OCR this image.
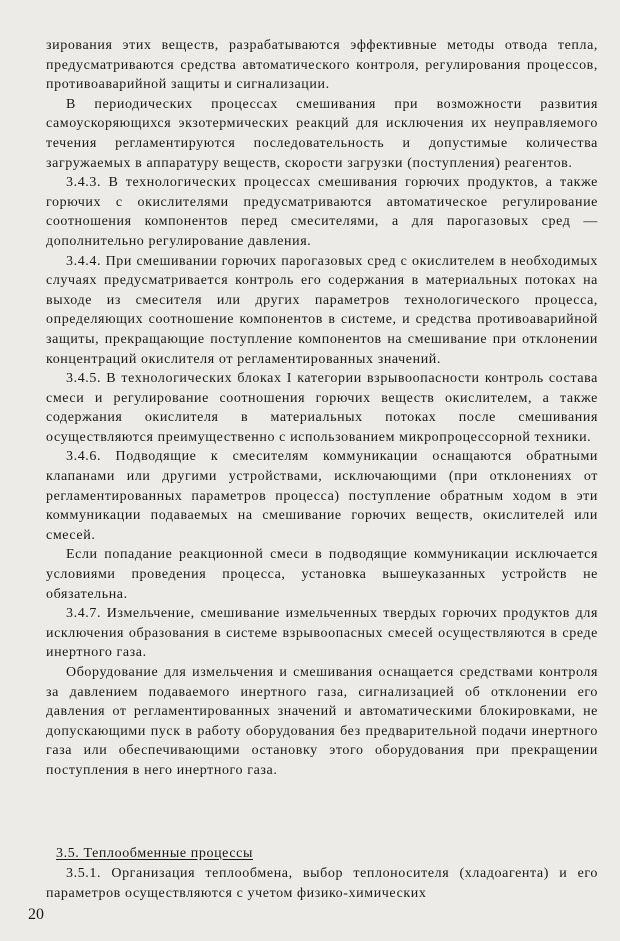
зирования этих веществ, разрабатываются эффективные методы отвода тепла, предусматриваются средства автоматического контроля, регулирования процессов, противоаварийной защиты и сигнализации.

В периодических процессах смешивания при возможности развития самоускоряющихся экзотермических реакций для исключения их неуправляемого течения регламентируются последовательность и допустимые количества загружаемых в аппаратуру веществ, скорости загрузки (поступления) реагентов.

3.4.3. В технологических процессах смешивания горючих продуктов, а также горючих с окислителями предусматриваются автоматическое регулирование соотношения компонентов перед смесителями, а для парогазовых сред — дополнительно регулирование давления.

3.4.4. При смешивании горючих парогазовых сред с окислителем в необходимых случаях предусматривается контроль его содержания в материальных потоках на выходе из смесителя или других параметров технологического процесса, определяющих соотношение компонентов в системе, и средства противоаварийной защиты, прекращающие поступление компонентов на смешивание при отклонении концентраций окислителя от регламентированных значений.

3.4.5. В технологических блоках I категории взрывоопасности контроль состава смеси и регулирование соотношения горючих веществ окислителем, а также содержания окислителя в материальных потоках после смешивания осуществляются преимущественно с использованием микропроцессорной техники.

3.4.6. Подводящие к смесителям коммуникации оснащаются обратными клапанами или другими устройствами, исключающими (при отклонениях от регламентированных параметров процесса) поступление обратным ходом в эти коммуникации подаваемых на смешивание горючих веществ, окислителей или смесей.

Если попадание реакционной смеси в подводящие коммуникации исключается условиями проведения процесса, установка вышеуказанных устройств не обязательна.

3.4.7. Измельчение, смешивание измельченных твердых горючих продуктов для исключения образования в системе взрывоопасных смесей осуществляются в среде инертного газа.

Оборудование для измельчения и смешивания оснащается средствами контроля за давлением подаваемого инертного газа, сигнализацией об отклонении его давления от регламентированных значений и автоматическими блокировками, не допускающими пуск в работу оборудования без предварительной подачи инертного газа или обеспечивающими остановку этого оборудования при прекращении поступления в него инертного газа.

3.5. Теплообменные процессы

3.5.1. Организация теплообмена, выбор теплоносителя (хладоагента) и его параметров осуществляются с учетом физико-химических

20
